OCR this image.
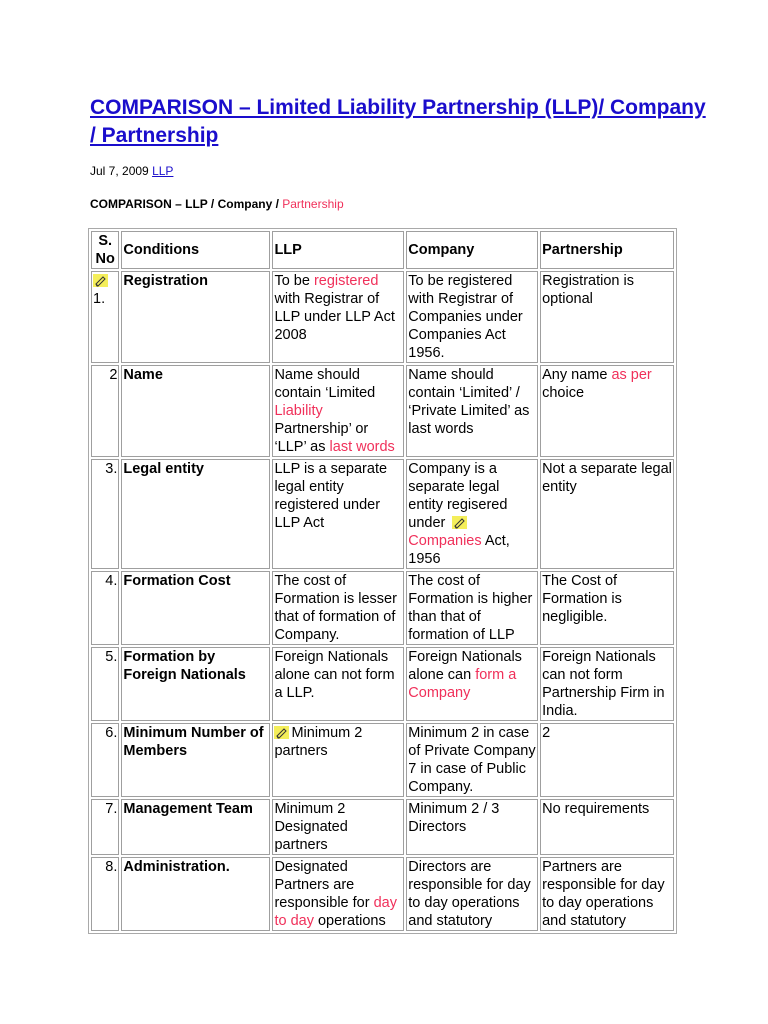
COMPARISON – Limited Liability Partnership (LLP)/ Company / Partnership
Jul 7, 2009 LLP
COMPARISON – LLP / Company / Partnership
S. No	Conditions	LLP	Company	Partnership
1.	Registration	To be registered with Registrar of LLP under LLP Act 2008	To be registered with Registrar of Companies under Companies Act 1956.	Registration is optional
2	Name	Name should contain ‘Limited Liability Partnership’ or ‘LLP’ as last words	Name should contain ‘Limited’ / ‘Private Limited’ as last words	Any name as per choice
3.	Legal entity	LLP is a separate legal entity registered under LLP Act	Company is a separate legal entity regisered under  Companies Act, 1956	Not a separate legal entity
4.	Formation Cost	The cost of Formation is lesser that of formation of Company.	The cost of Formation is higher than that of formation of LLP	The Cost of Formation is negligible.
5.	Formation by Foreign Nationals	Foreign Nationals alone can not form a LLP.	Foreign Nationals alone can form a Company	Foreign Nationals can not form Partnership Firm in India.
6.	Minimum Number of Members	Minimum 2 partners	Minimum 2 in case of Private Company 7 in case of Public Company.	2
7.	Management Team	Minimum 2 Designated partners	Minimum 2 / 3 Directors	No requirements
8.	Administration.	Designated Partners are responsible for day to day operations	Directors are responsible for day to day operations and statutory	Partners are responsible for day to day operations and statutory
